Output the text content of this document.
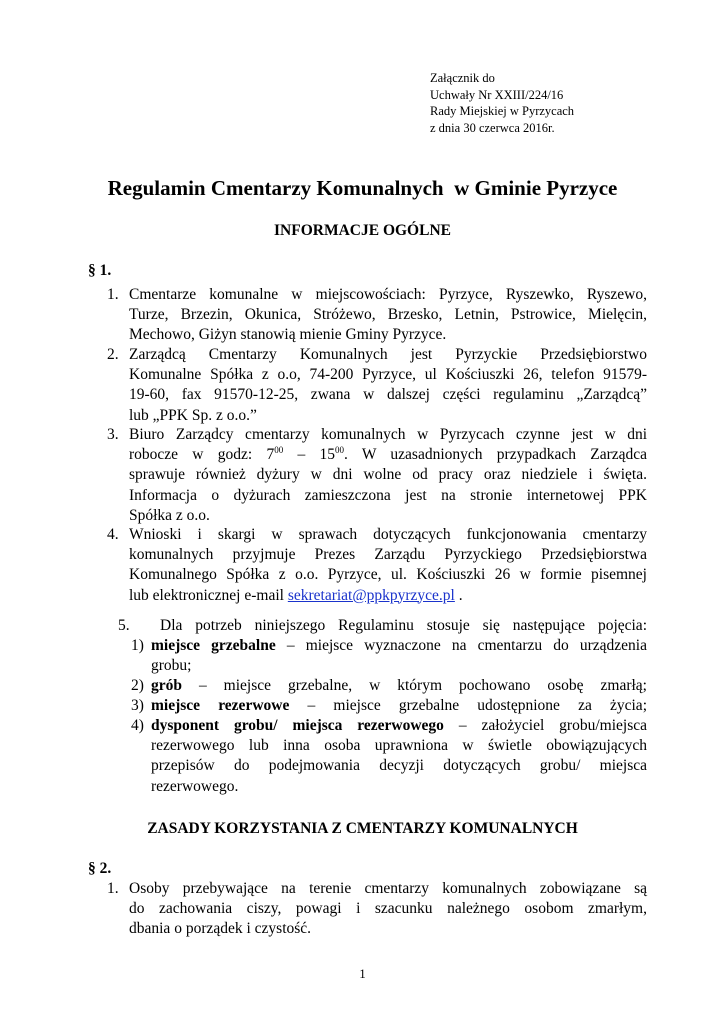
Załącznik do
Uchwały Nr XXIII/224/16
Rady Miejskiej w Pyrzycach
z dnia 30 czerwca 2016r.
Regulamin Cmentarzy Komunalnych  w Gminie Pyrzyce
INFORMACJE OGÓLNE
§ 1.
1. Cmentarze komunalne w miejscowościach: Pyrzyce, Ryszewko, Ryszewo,
Turze, Brzezin, Okunica, Stróżewo, Brzesko, Letnin, Pstrowice, Mielęcin,
Mechowo, Giżyn stanowią mienie Gminy Pyrzyce.
2. Zarządcą Cmentarzy Komunalnych jest Pyrzyckie Przedsiębiorstwo
Komunalne Spółka z o.o, 74-200 Pyrzyce, ul Kościuszki 26, telefon 91579-
19-60, fax 91570-12-25, zwana w dalszej części regulaminu „Zarządcą”
lub „PPK Sp. z o.o.”
3. Biuro Zarządcy cmentarzy komunalnych w Pyrzycach czynne jest w dni
robocze w godz: $7^{00} - 15^{00}$. W uzasadnionych przypadkach Zarządca
sprawuje również dyżury w dni wolne od pracy oraz niedziele i święta.
Informacja o dyżurach zamieszczona jest na stronie internetowej PPK
Spółka z o.o.
4. Wnioski i skargi w sprawach dotyczących funkcjonowania cmentarzy
komunalnych przyjmuje Prezes Zarządu Pyrzyckiego Przedsiębiorstwa
Komunalnego Spółka z o.o. Pyrzyce, ul. Kościuszki 26 w formie pisemnej
lub elektronicznej e-mail sekretariat@ppkpyrzyce.pl .
5. Dla potrzeb niniejszego Regulaminu stosuje się następujące pojęcia:
1) miejsce grzebalne – miejsce wyznaczone na cmentarzu do urządzenia
grobu;
2) grób – miejsce grzebalne, w którym pochowano osobę zmarłą;
3) miejsce rezerwowe – miejsce grzebalne udostępnione za życia;
4) dysponent grobu/ miejsca rezerwowego – założyciel grobu/miejsca
rezerwowego lub inna osoba uprawniona w świetle obowiązujących
przepisów do podejmowania decyzji dotyczących grobu/ miejsca
rezerwowego.
ZASADY KORZYSTANIA Z CMENTARZY KOMUNALNYCH
§ 2.
1. Osoby przebywające na terenie cmentarzy komunalnych zobowiązane są
do zachowania ciszy, powagi i szacunku należnego osobom zmarłym,
dbania o porządek i czystość.
1
